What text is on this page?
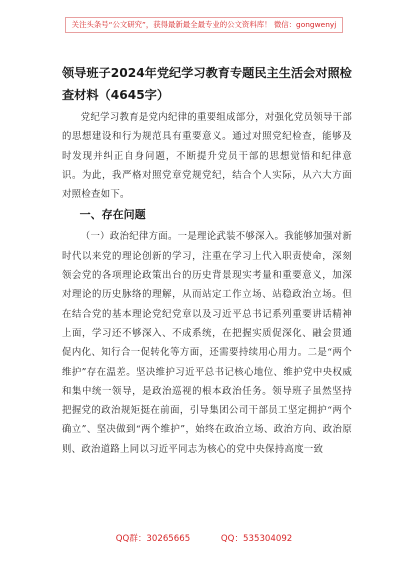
关注头条号“公文研究”，获得最新最全最专业的公文资料库！ 微信：gongwenyj
领导班子2024年党纪学习教育专题民主生活会对照检查材料（4645字）

党纪学习教育是党内纪律的重要组成部分，对强化党员领导干部的思想建设和行为规范具有重要意义。通过对照党纪检查，能够及时发现并纠正自身问题，不断提升党员干部的思想觉悟和纪律意识。为此，我严格对照党章党规党纪，结合个人实际，从六大方面对照检查如下。

一、存在问题

（一）政治纪律方面。一是理论武装不够深入。我能够加强对新时代以来党的理论创新的学习，注重在学习上代入职责使命，深刻领会党的各项理论政策出台的历史背景现实考量和重要意义，加深对理论的历史脉络的理解，从而站定工作立场、站稳政治立场。但在结合党的基本理论党纪党章以及习近平总书记系列重要讲话精神上面，学习还不够深入、不成系统，在把握实质促深化、融会贯通促内化、知行合一促转化等方面，还需要持续用心用力。二是“两个维护”存在温差。坚决维护习近平总书记核心地位、维护党中央权威和集中统一领导，是政治巡视的根本政治任务。领导班子虽然坚持把握党的政治规矩挺在前面，引导集团公司干部员工坚定拥护“两个确立”、坚决做到“两个维护”，始终在政治立场、政治方向、政治原则、政治道路上同以习近平同志为核心的党中央保持高度一致

QQ群：30265665	QQ：535304092
